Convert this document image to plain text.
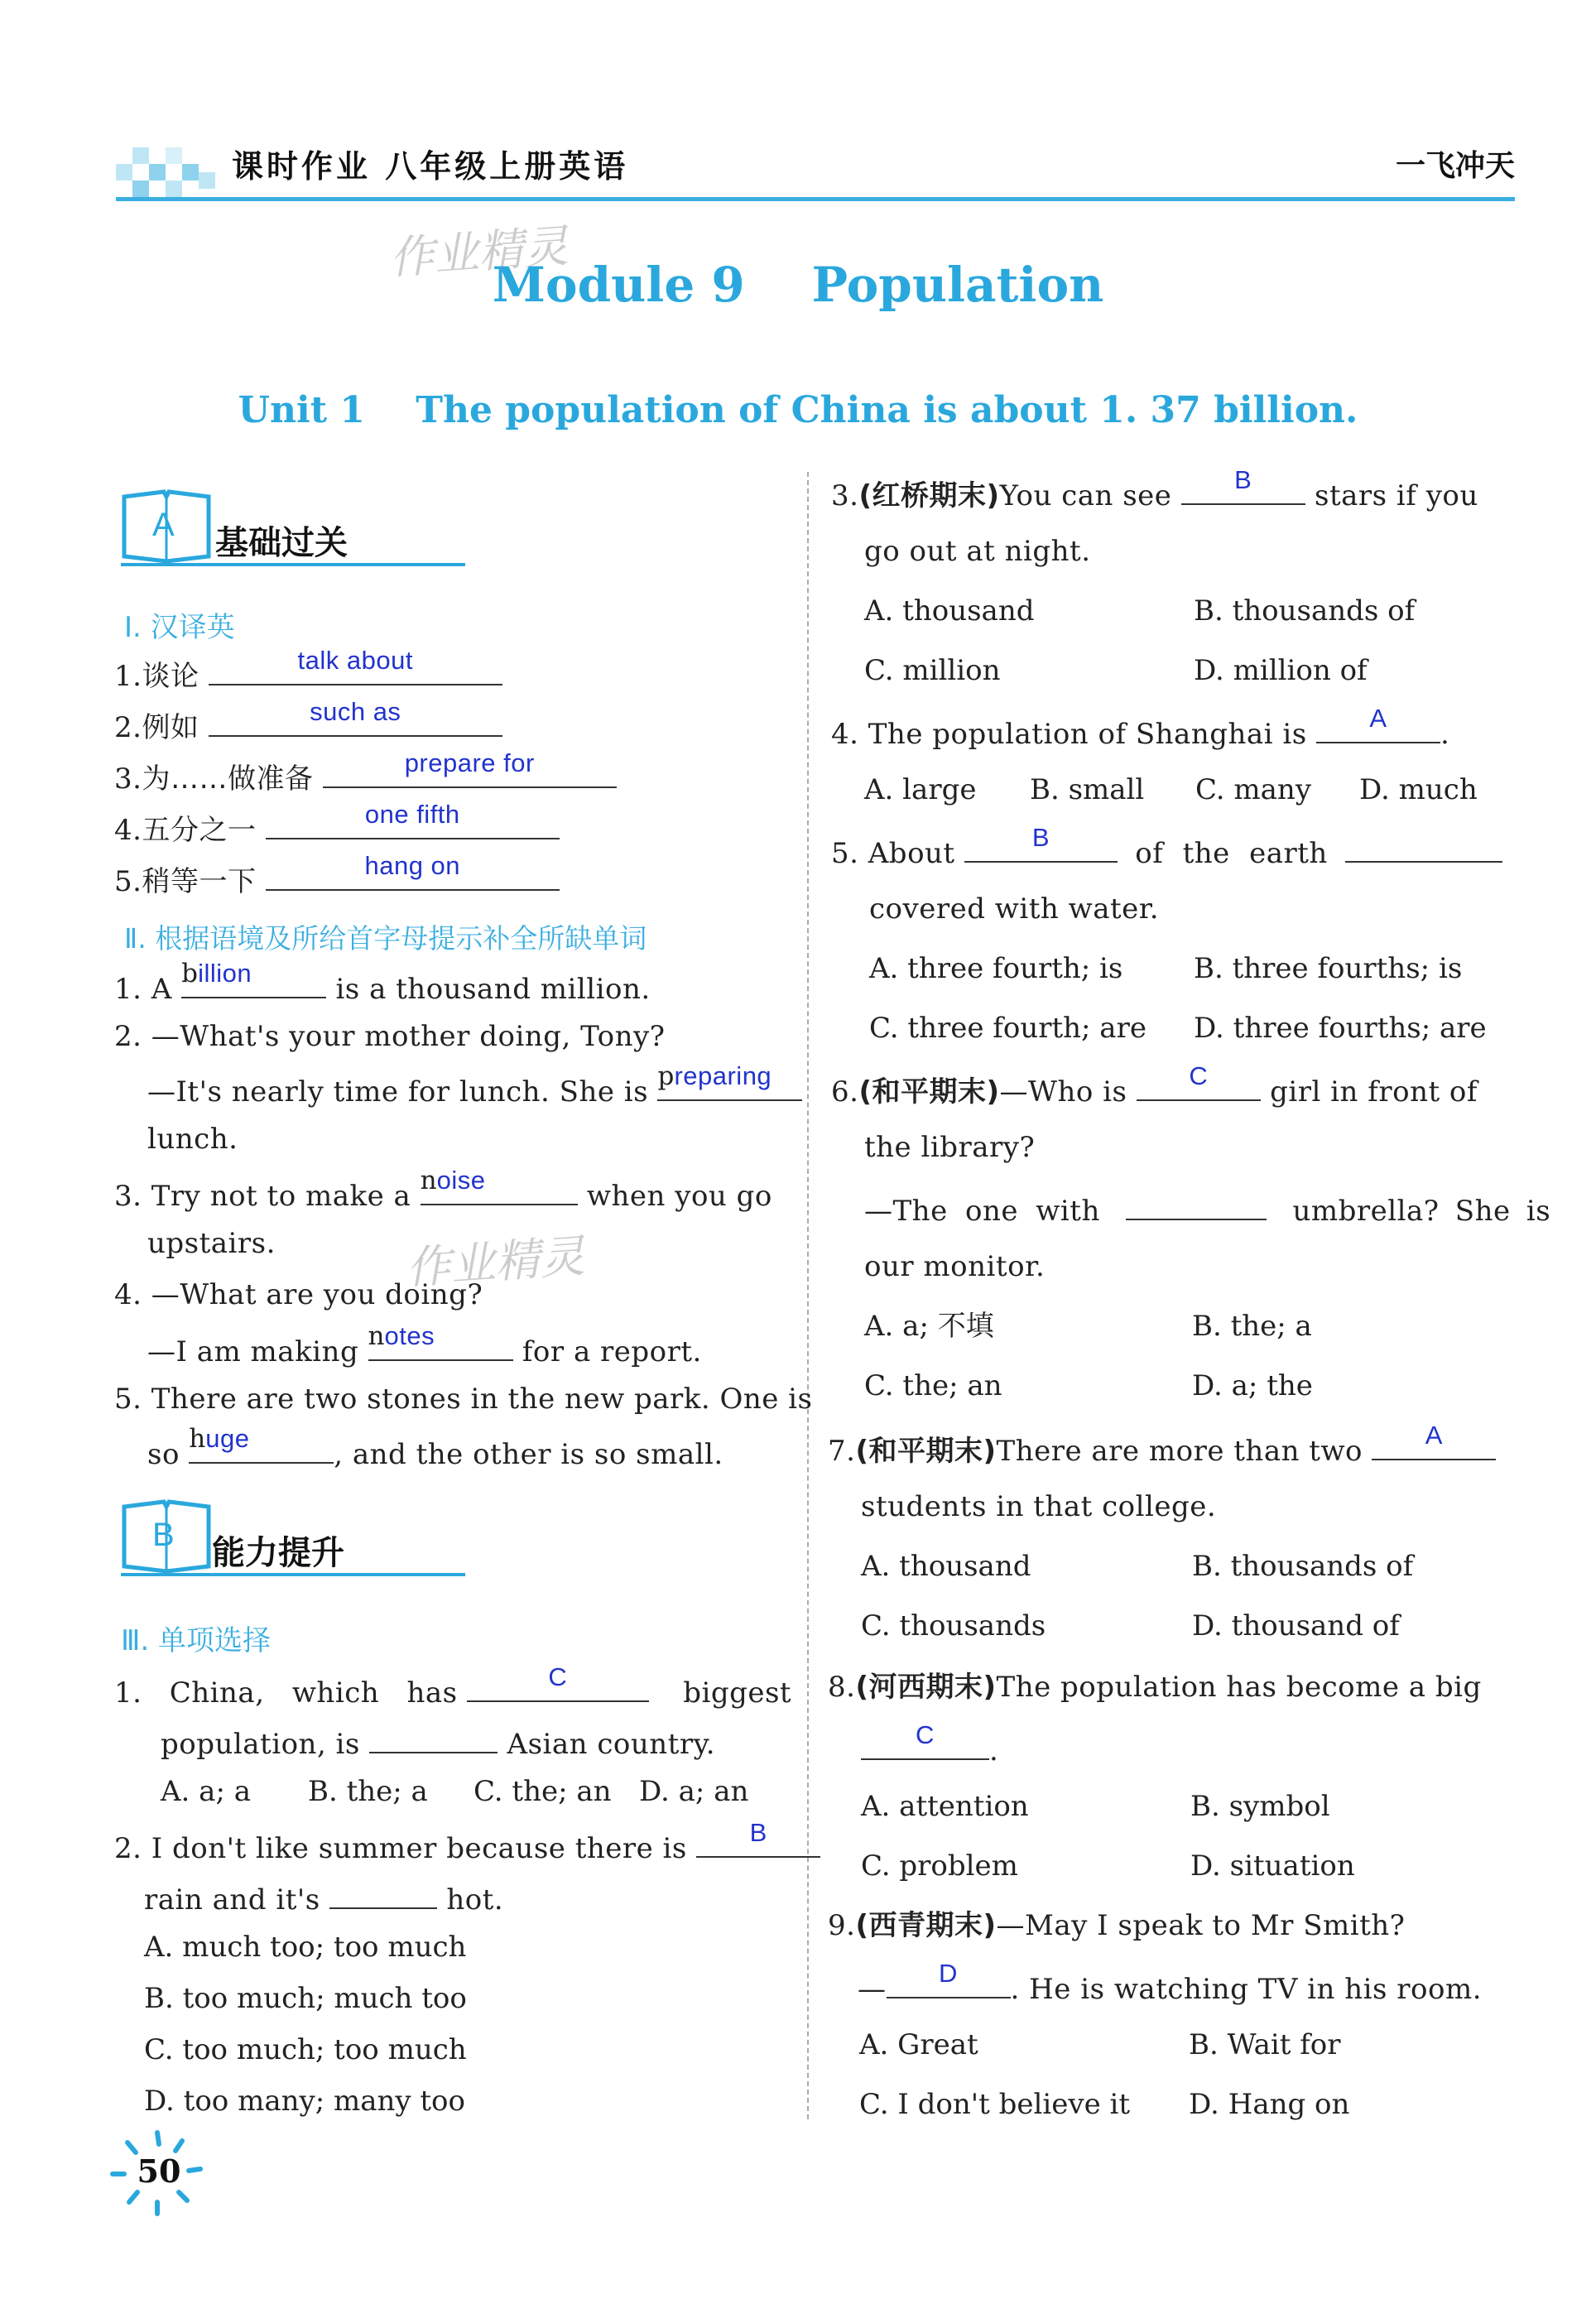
课时作业 八年级上册英语	一飞冲天
作业精灵
作业精灵
Module 9    Population
Unit 1    The population of China is about 1. 37 billion.
A 基础过关
Ⅰ. 汉译英
1.谈论	talk about
2.例如	such as
3.为……做准备	prepare for
4.五分之一	one fifth
5.稍等一下	hang on
Ⅱ. 根据语境及所给首字母提示补全所缺单词
1. A b illion	is a thousand million.
2. —What's your mother doing, Tony?
—It's nearly time for lunch. She is p reparing
lunch.
3. Try not to make a n oise	when you go
upstairs.
4. —What are you doing?
—I am making n otes	for a report.
5. There are two stones in the new park. One is
so h uge	, and the other is so small.
B 能力提升
Ⅲ. 单项选择
1. China, which has	C	biggest
population, is	Asian country.
A. a; a B. the; a C. the; an D. a; an
2. I don't like summer because there is	B
rain and it's	hot.
A. much too; too much
B. too much; much too
C. too much; too much
D. too many; many too
3.(红桥期末)You can see	B	stars if you
go out at night.
A. thousand	B. thousands of
C. million	D. million of
4. The population of Shanghai is	A	.
A. large B. small C. many D. much
5. About	B	of the earth
covered with water.
A. three fourth; is	B. three fourths; is
C. three fourth; are D. three fourths; are
6.(和平期末)—Who is	C	girl in front of
the library?
—The one with	umbrella? She is
our monitor.
A. a; 不填	B. the; a
C. the; an	D. a; the
7.(和平期末)There are more than two	A
students in that college.
A. thousand	B. thousands of
C. thousands	D. thousand of
8.(河西期末)The population has become a big
C	.
A. attention	B. symbol
C. problem	D. situation
9.(西青期末)—May I speak to Mr Smith?
—	D	. He is watching TV in his room.
A. Great	B. Wait for
C. I don't believe it D. Hang on
50
